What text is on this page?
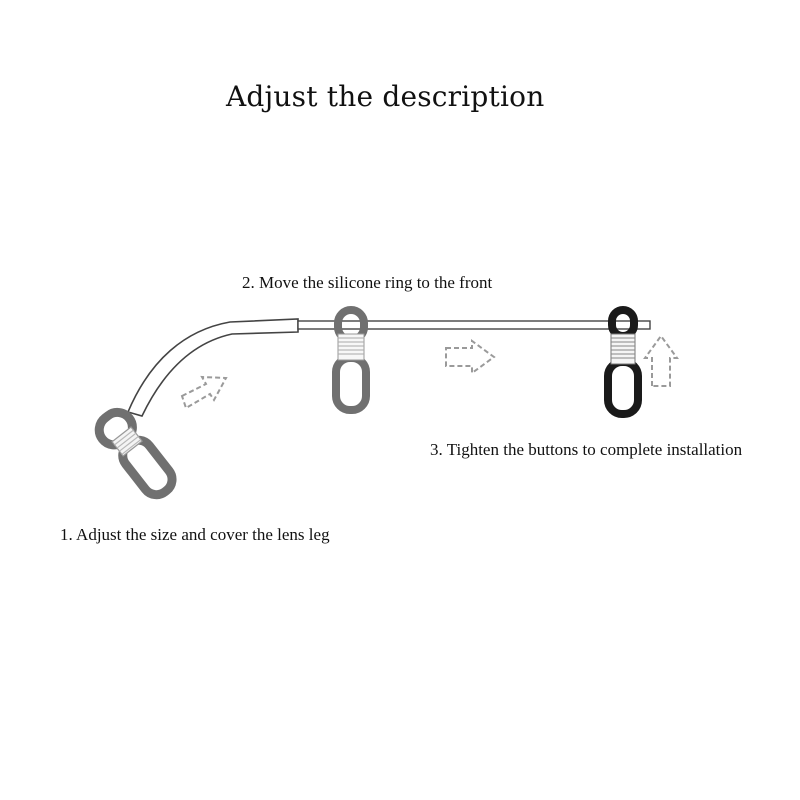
Adjust the description
1. Adjust the size and cover the lens leg
2. Move the silicone ring to the front
3. Tighten the buttons to complete installation
